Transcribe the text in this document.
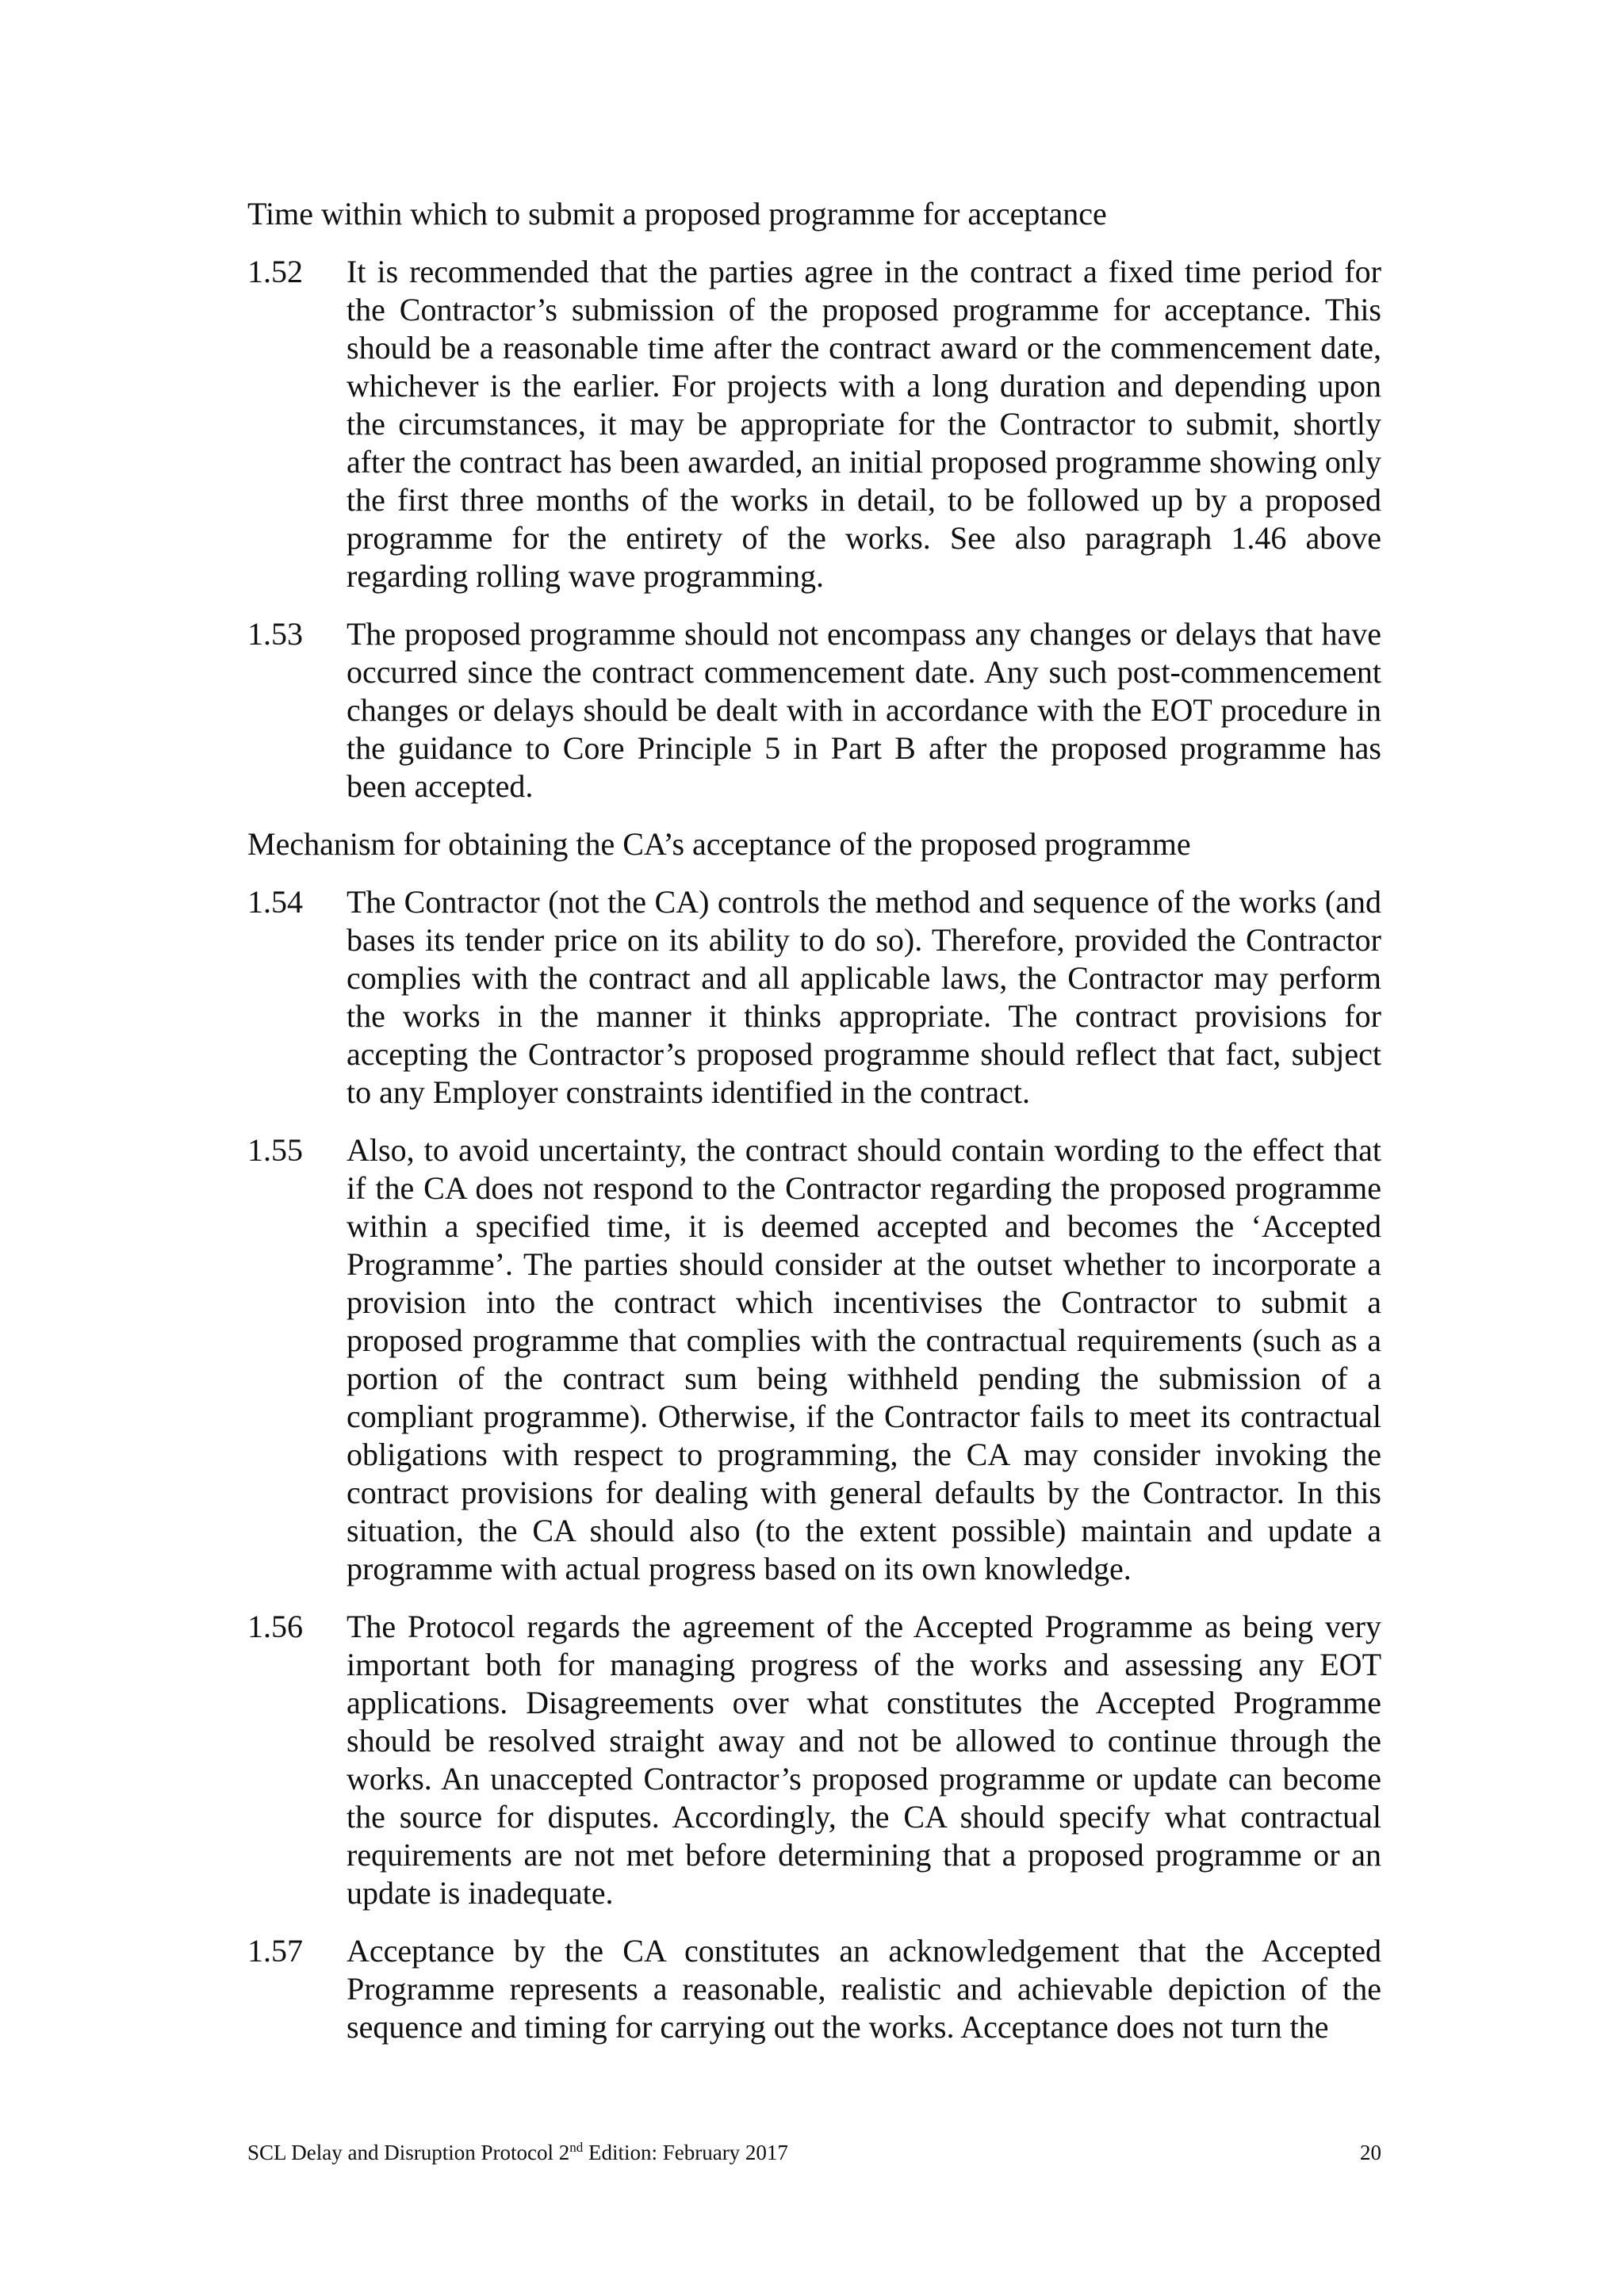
Time within which to submit a proposed programme for acceptance
1.52	It is recommended that the parties agree in the contract a fixed time period for the Contractor’s submission of the proposed programme for acceptance. This should be a reasonable time after the contract award or the commencement date, whichever is the earlier. For projects with a long duration and depending upon the circumstances, it may be appropriate for the Contractor to submit, shortly after the contract has been awarded, an initial proposed programme showing only the first three months of the works in detail, to be followed up by a proposed programme for the entirety of the works. See also paragraph 1.46 above regarding rolling wave programming.
1.53	The proposed programme should not encompass any changes or delays that have occurred since the contract commencement date. Any such post-commencement changes or delays should be dealt with in accordance with the EOT procedure in the guidance to Core Principle 5 in Part B after the proposed programme has been accepted.
Mechanism for obtaining the CA’s acceptance of the proposed programme
1.54	The Contractor (not the CA) controls the method and sequence of the works (and bases its tender price on its ability to do so). Therefore, provided the Contractor complies with the contract and all applicable laws, the Contractor may perform the works in the manner it thinks appropriate. The contract provisions for accepting the Contractor’s proposed programme should reflect that fact, subject to any Employer constraints identified in the contract.
1.55	Also, to avoid uncertainty, the contract should contain wording to the effect that if the CA does not respond to the Contractor regarding the proposed programme within a specified time, it is deemed accepted and becomes the ‘Accepted Programme’. The parties should consider at the outset whether to incorporate a provision into the contract which incentivises the Contractor to submit a proposed programme that complies with the contractual requirements (such as a portion of the contract sum being withheld pending the submission of a compliant programme). Otherwise, if the Contractor fails to meet its contractual obligations with respect to programming, the CA may consider invoking the contract provisions for dealing with general defaults by the Contractor. In this situation, the CA should also (to the extent possible) maintain and update a programme with actual progress based on its own knowledge.
1.56	The Protocol regards the agreement of the Accepted Programme as being very important both for managing progress of the works and assessing any EOT applications. Disagreements over what constitutes the Accepted Programme should be resolved straight away and not be allowed to continue through the works. An unaccepted Contractor’s proposed programme or update can become the source for disputes. Accordingly, the CA should specify what contractual requirements are not met before determining that a proposed programme or an update is inadequate.
1.57	Acceptance by the CA constitutes an acknowledgement that the Accepted Programme represents a reasonable, realistic and achievable depiction of the sequence and timing for carrying out the works. Acceptance does not turn the
SCL Delay and Disruption Protocol 2nd Edition: February 2017	20
